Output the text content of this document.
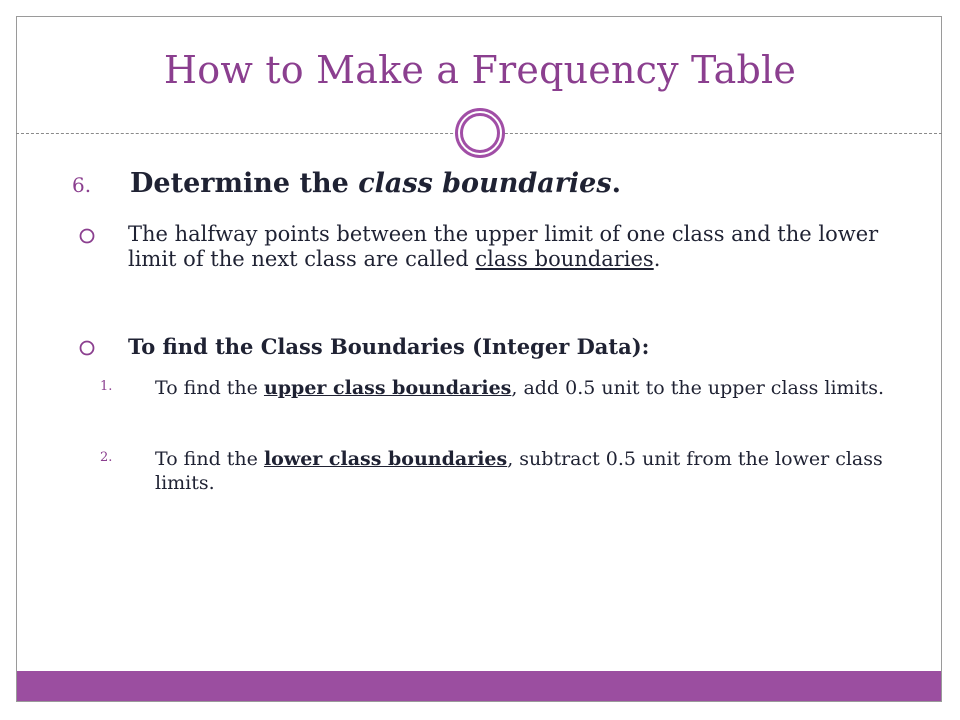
How to Make a Frequency Table

6. Determine the class boundaries.

The halfway points between the upper limit of one class and the lower limit of the next class are called class boundaries.
To find the Class Boundaries (Integer Data):
1. To find the upper class boundaries, add 0.5 unit to the upper class limits.
2. To find the lower class boundaries, subtract 0.5 unit from the lower class limits.
